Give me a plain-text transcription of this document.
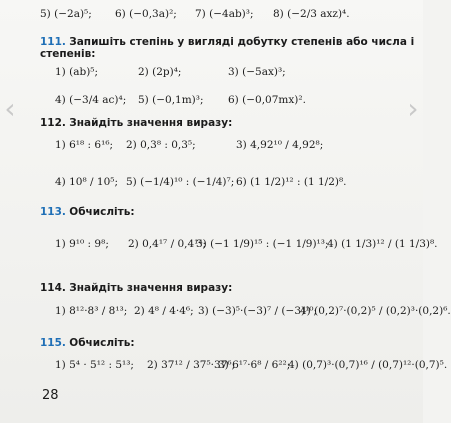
5) (−2a)⁵; 6) (−0,3a)²; 7) (−4ab)³; 8) (−2/3 axz)⁴.
111. Запишіть степінь у вигляді добутку степенів або числа і
степенів:
1) (ab)⁵;	2) (2p)⁴;	3) (−5ax)³;
4) (−3/4 ac)⁴; 5) (−0,1m)³; 6) (−0,07mx)².
112. Знайдіть значення виразу:
1) 6¹⁸ : 6¹⁶; 2) 0,3⁸ : 0,3⁵;	3) 4,92¹⁰ / 4,92⁸;
4) 10⁸ / 10⁵; 5) (−1/4)¹⁰ : (−1/4)⁷; 6) (1 1/2)¹² : (1 1/2)⁸.
113. Обчисліть:
1) 9¹⁰ : 9⁸; 2) 0,4¹⁷ / 0,4¹⁴;
3) (−1 1/9)¹⁵ : (−1 1/9)¹³;
4) (1 1/3)¹² / (1 1/3)⁸.
114. Знайдіть значення виразу:
1) 8¹²·8³ / 8¹³; 2) 4⁸ / 4·4⁶; 3) (−3)⁵·(−3)⁷ / (−3)¹⁰;
4) (0,2)⁷·(0,2)⁵ / (0,2)³·(0,2)⁶.
115. Обчисліть:
1) 5⁴ · 5¹² : 5¹³; 2) 37¹² / 37⁵·37⁶;
3) 6¹⁷·6⁸ / 6²²;
4) (0,7)³·(0,7)¹⁶ / (0,7)¹²·(0,7)⁵.
28
‹	›
